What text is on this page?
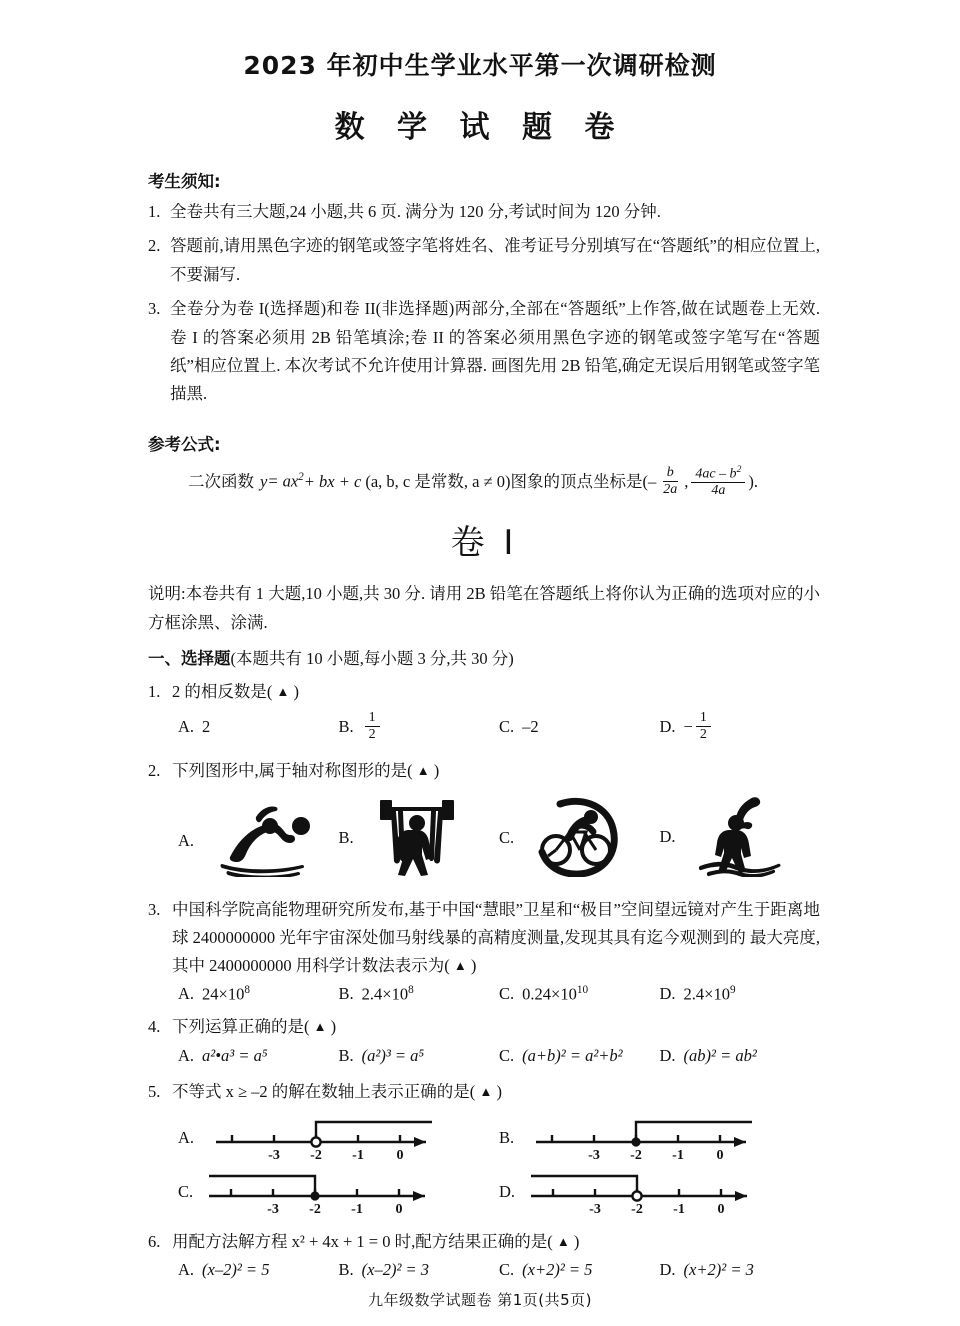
2023 年初中生学业水平第一次调研检测
数 学 试 题 卷
考生须知:
1. 全卷共有三大题,24 小题,共 6 页. 满分为 120 分,考试时间为 120 分钟.
2. 答题前,请用黑色字迹的钢笔或签字笔将姓名、准考证号分别填写在“答题纸”的相应位置上,不要漏写.
3. 全卷分为卷 I(选择题)和卷 II(非选择题)两部分,全部在“答题纸”上作答,做在试题卷上无效. 卷 I 的答案必须用 2B 铅笔填涂;卷 II 的答案必须用黑色字迹的钢笔或签字笔写在“答题纸”相应位置上. 本次考试不允许使用计算器. 画图先用 2B 铅笔,确定无误后用钢笔或签字笔描黑.
参考公式:
二次函数 $y = ax^2$ + bx + c (a, b, c 是常数, a ≠ 0) 图象的顶点坐标是( – $\frac{b}{2a}$ , $\frac{4ac - b^2}{4a}$ ).
卷 I
说明:本卷共有 1 大题,10 小题,共 30 分. 请用 2B 铅笔在答题纸上将你认为正确的选项对应的小方框涂黑、涂满.
一、选择题(本题共有 10 小题,每小题 3 分,共 30 分)
1. 2 的相反数是( ▲ )
A. 2	B. $\frac{1}{2}$	C. –2	D. − $\frac{1}{2}$
2. 下列图形中,属于轴对称图形的是( ▲ )
A.	B.	C.	D.
3. 中国科学院高能物理研究所发布,基于中国“慧眼”卫星和“极目”空间望远镜对产生于距离地球 2400000000 光年宇宙深处伽马射线暴的高精度测量,发现其具有迄今观测到的 最大亮度,其中 2400000000 用科学计数法表示为( ▲ )
A. $24\times 10^8$	B. $2.4\times 10^8$	C. $0.24\times 10^{10}$	D. $2.4\times 10^9$
4. 下列运算正确的是( ▲ )
A. a²•a³ = a⁵	B. (a²)³ = a⁵	C. (a+b)² = a²+b² D. (ab)² = ab²
5. 不等式 x ≥ –2 的解在数轴上表示正确的是( ▲ )
A.
-3 -2 -1 0
B.
-3 -2 -1 0
C.
-3 -2 -1 0
D.
-3 -2 -1 0
6. 用配方法解方程 x² + 4x + 1 = 0 时,配方结果正确的是( ▲ )
A. (x–2)² = 5	B. (x–2)² = 3	C. (x+2)² = 5	D. (x+2)² = 3
九年级数学试题卷 第1页(共5页)
